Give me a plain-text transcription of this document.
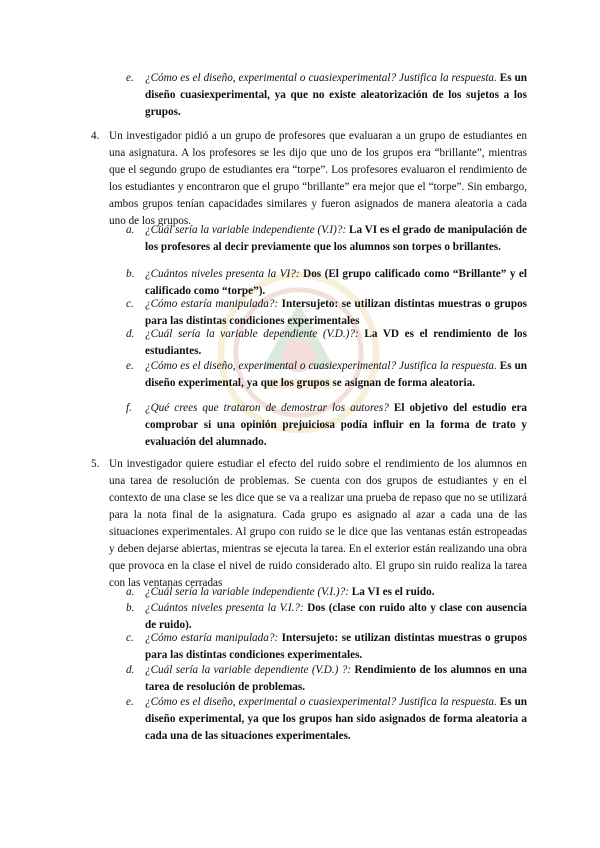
e. ¿Cómo es el diseño, experimental o cuasiexperimental? Justifica la respuesta. Es un diseño cuasiexperimental, ya que no existe aleatorización de los sujetos a los grupos.
4. Un investigador pidió a un grupo de profesores que evaluaran a un grupo de estudiantes en una asignatura. A los profesores se les dijo que uno de los grupos era “brillante”, mientras que el segundo grupo de estudiantes era “torpe”. Los profesores evaluaron el rendimiento de los estudiantes y encontraron que el grupo “brillante” era mejor que el “torpe”. Sin embargo, ambos grupos tenían capacidades similares y fueron asignados de manera aleatoria a cada uno de los grupos.
a. ¿Cuál sería la variable independiente (V.I)?: La VI es el grado de manipulación de los profesores al decir previamente que los alumnos son torpes o brillantes.
b. ¿Cuántos niveles presenta la VI?: Dos (El grupo calificado como “Brillante” y el calificado como “torpe”).
c. ¿Cómo estaría manipulada?: Intersujeto: se utilizan distintas muestras o grupos para las distintas condiciones experimentales
d. ¿Cuál sería la variable dependiente (V.D.)?: La VD es el rendimiento de los estudiantes.
e. ¿Cómo es el diseño, experimental o cuasiexperimental? Justifica la respuesta. Es un diseño experimental, ya que los grupos se asignan de forma aleatoria.
f. ¿Qué crees que trataron de demostrar los autores? El objetivo del estudio era comprobar si una opinión prejuiciosa podía influir en la forma de trato y evaluación del alumnado.
5. Un investigador quiere estudiar el efecto del ruido sobre el rendimiento de los alumnos en una tarea de resolución de problemas. Se cuenta con dos grupos de estudiantes y en el contexto de una clase se les dice que se va a realizar una prueba de repaso que no se utilizará para la nota final de la asignatura. Cada grupo es asignado al azar a cada una de las situaciones experimentales. Al grupo con ruido se le dice que las ventanas están estropeadas y deben dejarse abiertas, mientras se ejecuta la tarea. En el exterior están realizando una obra que provoca en la clase el nivel de ruido considerado alto. El grupo sin ruido realiza la tarea con las ventanas cerradas
a. ¿Cuál sería la variable independiente (V.I.)?: La VI es el ruido.
b. ¿Cuántos niveles presenta la V.I.?: Dos (clase con ruido alto y clase con ausencia de ruido).
c. ¿Cómo estaría manipulada?: Intersujeto: se utilizan distintas muestras o grupos para las distintas condiciones experimentales.
d. ¿Cuál sería la variable dependiente (V.D.) ?: Rendimiento de los alumnos en una tarea de resolución de problemas.
e. ¿Cómo es el diseño, experimental o cuasiexperimental? Justifica la respuesta. Es un diseño experimental, ya que los grupos han sido asignados de forma aleatoria a cada una de las situaciones experimentales.
